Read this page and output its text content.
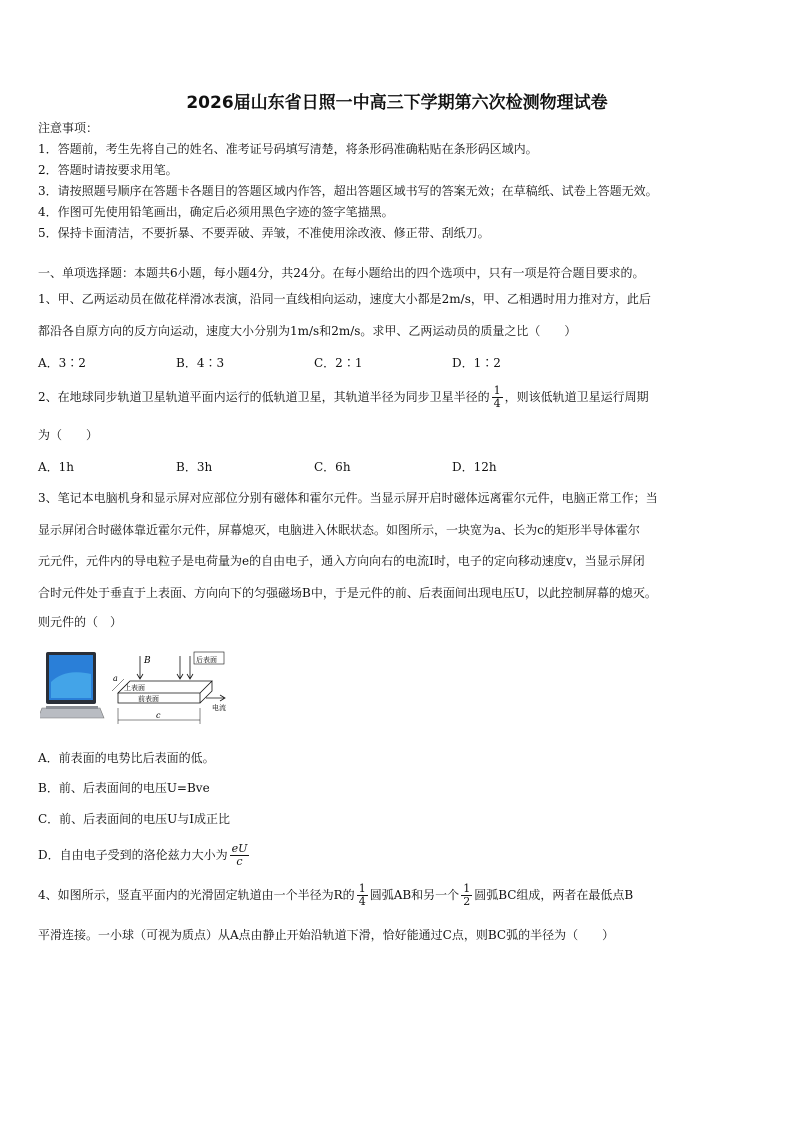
2026届山东省日照一中高三下学期第六次检测物理试卷
注意事项：
1．答题前，考生先将自己的姓名、准考证号码填写清楚，将条形码准确粘贴在条形码区域内。
2．答题时请按要求用笔。
3．请按照题号顺序在答题卡各题目的答题区域内作答，超出答题区域书写的答案无效；在草稿纸、试卷上答题无效。
4．作图可先使用铅笔画出，确定后必须用黑色字迹的签字笔描黑。
5．保持卡面清洁，不要折暴、不要弄破、弄皱，不准使用涂改液、修正带、刮纸刀。
一、单项选择题：本题共6小题，每小题4分，共24分。在每小题给出的四个选项中，只有一项是符合题目要求的。
1、甲、乙两运动员在做花样滑冰表演，沿同一直线相向运动，速度大小都是2m/s，甲、乙相遇时用力推对方，此后
都沿各自原方向的反方向运动，速度大小分别为1m/s和2m/s。求甲、乙两运动员的质量之比（　　）
A．3∶2	B．4∶3	C．2∶1	D．1∶2
2、在地球同步轨道卫星轨道平面内运行的低轨道卫星，其轨道半径为同步卫星半径的 $\frac{1}{4}$ ，则该低轨道卫星运行周期
为（　　）
A．1h	B．3h	C．6h	D．12h
3、笔记本电脑机身和显示屏对应部位分别有磁体和霍尔元件。当显示屏开启时磁体远离霍尔元件，电脑正常工作；当
显示屏闭合时磁体靠近霍尔元件，屏幕熄灭，电脑进入休眠状态。如图所示，一块宽为a、长为c的矩形半导体霍尔
元元件，元件内的导电粒子是电荷量为e的自由电子，通入方向向右的电流I时，电子的定向移动速度v，当显示屏闭
合时元件处于垂直于上表面、方向向下的匀强磁场B中，于是元件的前、后表面间出现电压U，以此控制屏幕的熄灭。
则元件的（　）
B	后表面
上表面
前表面
电流
a
c
A．前表面的电势比后表面的低。
B．前、后表面间的电压U=Bve
C．前、后表面间的电压U与I成正比
D．自由电子受到的洛伦兹力大小为 $\frac{eU}{c}$
4、如图所示，竖直平面内的光滑固定轨道由一个半径为R的 $\frac{1}{4}$ 圆弧AB和另一个 $\frac{1}{2}$ 圆弧BC组成，两者在最低点B
平滑连接。一小球（可视为质点）从A点由静止开始沿轨道下滑，恰好能通过C点，则BC弧的半径为（　　）
